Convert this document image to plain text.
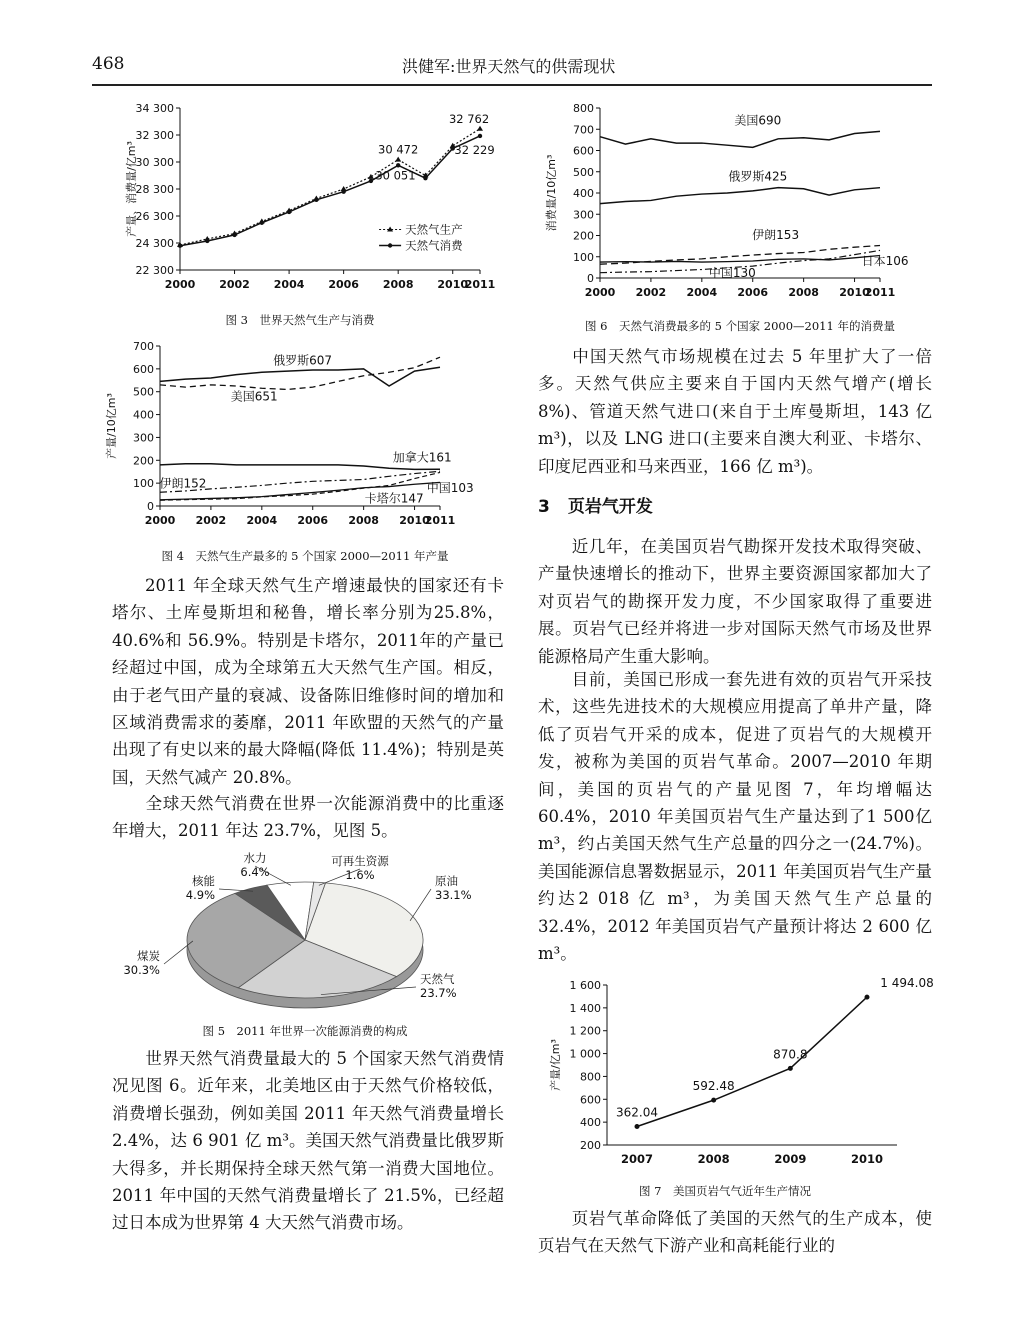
468	洪健军:世界天然气的供需现状
22 300
24 300
26 300
28 300
30 300
32 300
34 300
2000 2002 2004 2006 2008 2010
2011
产量、消费量/亿m³	30 472
30 051
32 762
32 229
天然气生产
天然气消费
图 3　世界天然气生产与消费
0
100
200
300
400
500
600
700
2000 2002 2004 2006 2008 2010
2011
产量/10亿m³
俄罗斯607
美国651
加拿大161
伊朗152
卡塔尔147
中国103
图 4　天然气生产最多的 5 个国家 2000—2011 年产量

2011 年全球天然气生产增速最快的国家还有卡塔尔、土库曼斯坦和秘鲁，增长率分别为25.8%，40.6%和 56.9%。特别是卡塔尔，2011年的产量已经超过中国，成为全球第五大天然气生产国。相反，由于老气田产量的衰减、设备陈旧维修时间的增加和区域消费需求的萎靡，2011 年欧盟的天然气的产量出现了有史以来的最大降幅(降低 11.4%)；特别是英国，天然气减产 20.8%。

全球天然气消费在世界一次能源消费中的比重逐年增大，2011 年达 23.7%，见图 5。

原油
33.1%
天然气
23.7%
煤炭
30.3%
核能
4.9%
水力
6.4%
可再生资源
1.6%
图 5　2011 年世界一次能源消费的构成

世界天然气消费量最大的 5 个国家天然气消费情况见图 6。近年来，北美地区由于天然气价格较低，消费增长强劲，例如美国 2011 年天然气消费量增长 2.4%，达 6 901 亿 m³。美国天然气消费量比俄罗斯大得多，并长期保持全球天然气第一消费大国地位。2011 年中国的天然气消费量增长了 21.5%，已经超过日本成为世界第 4 大天然气消费市场。

0
100
200
300
400
500
600
700
800
2000 2002 2004 2006 2008 2010
2011
消费量/10亿m³
美国690
俄罗斯425
伊朗153
中国130
日本106
图 6　天然气消费最多的 5 个国家 2000—2011 年的消费量

中国天然气市场规模在过去 5 年里扩大了一倍多。天然气供应主要来自于国内天然气增产(增长 8%)、管道天然气进口(来自于土库曼斯坦，143 亿 m³)，以及 LNG 进口(主要来自澳大利亚、卡塔尔、印度尼西亚和马来西亚，166 亿 m³)。

3 页岩气开发

近几年，在美国页岩气勘探开发技术取得突破、产量快速增长的推动下，世界主要资源国家都加大了对页岩气的勘探开发力度，不少国家取得了重要进展。页岩气已经并将进一步对国际天然气市场及世界能源格局产生重大影响。

目前，美国已形成一套先进有效的页岩气开采技术，这些先进技术的大规模应用提高了单井产量，降低了页岩气开采的成本，促进了页岩气的大规模开发，被称为美国的页岩气革命。2007—2010 年期间，美国的页岩气的产量见图 7，年均增幅达 60.4%，2010 年美国页岩气生产量达到了1 500亿 m³，约占美国天然气生产总量的四分之一(24.7%)。美国能源信息署数据显示，2011 年美国页岩气生产量约达2 018 亿 m³，为美国天然气生产总量的 32.4%，2012 年美国页岩气产量预计将达 2 600 亿 m³。

200
400
600
800
1 000
1 200
1 400
1 600
2007	2008	2009	2010
产量/亿m³
362.04
592.48
870.8
1 494.08
图 7　美国页岩气气近年生产情况

页岩气革命降低了美国的天然气的生产成本，使页岩气在天然气下游产业和高耗能行业的
